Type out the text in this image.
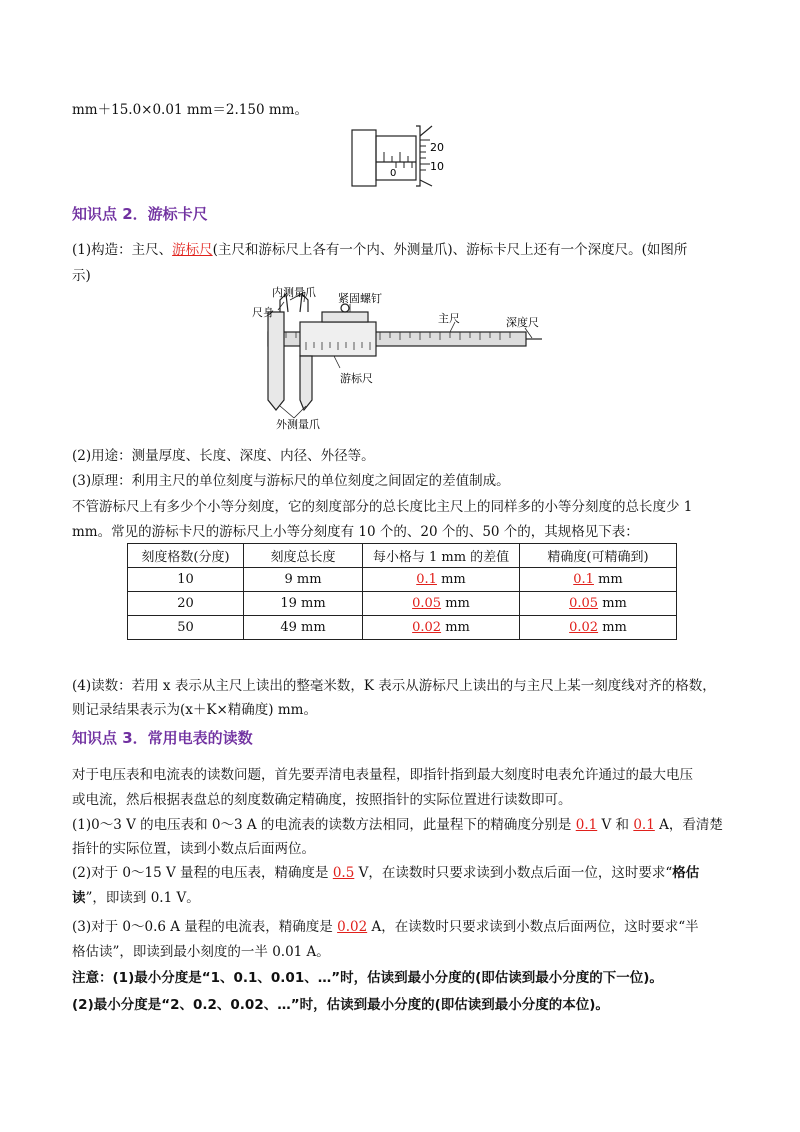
mm＋15.0×0.01 mm＝2.150 mm。
20
10
0
知识点 2．游标卡尺
(1)构造：主尺、游标尺(主尺和游标尺上各有一个内、外测量爪)、游标卡尺上还有一个深度尺。(如图所
示)
内测量爪
尺身
紧固螺钉
主尺	深度尺
游标尺
外测量爪
(2)用途：测量厚度、长度、深度、内径、外径等。
(3)原理：利用主尺的单位刻度与游标尺的单位刻度之间固定的差值制成。
不管游标尺上有多少个小等分刻度，它的刻度部分的总长度比主尺上的同样多的小等分刻度的总长度少 1
mm。常见的游标卡尺的游标尺上小等分刻度有 10 个的、20 个的、50 个的，其规格见下表：
刻度格数(分度)	刻度总长度	每小格与 1 mm 的差值	精确度(可精确到)
10	9 mm	0.1 mm	0.1 mm
20	19 mm	0.05 mm	0.05 mm
50	49 mm	0.02 mm	0.02 mm
(4)读数：若用 x 表示从主尺上读出的整毫米数，K 表示从游标尺上读出的与主尺上某一刻度线对齐的格数，
则记录结果表示为(x＋K×精确度) mm。
知识点 3．常用电表的读数
对于电压表和电流表的读数问题，首先要弄清电表量程，即指针指到最大刻度时电表允许通过的最大电压
或电流，然后根据表盘总的刻度数确定精确度，按照指针的实际位置进行读数即可。
(1)0～3 V 的电压表和 0～3 A 的电流表的读数方法相同，此量程下的精确度分别是 0.1 V 和 0.1 A，看清楚
指针的实际位置，读到小数点后面两位。
(2)对于 0～15 V 量程的电压表，精确度是 0.5 V，在读数时只要求读到小数点后面一位，这时要求“格估
读”，即读到 0.1 V。
(3)对于 0～0.6 A 量程的电流表，精确度是 0.02 A，在读数时只要求读到小数点后面两位，这时要求“半
格估读”，即读到最小刻度的一半 0.01 A。
注意：(1)最小分度是“1、0.1、0.01、…”时，估读到最小分度的(即估读到最小分度的下一位)。
(2)最小分度是“2、0.2、0.02、…”时，估读到最小分度的(即估读到最小分度的本位)。
